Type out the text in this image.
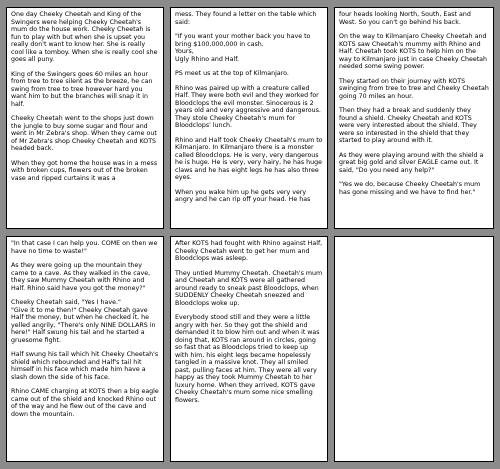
One day Cheeky Cheetah and King of the Swingers were helping Cheeky Cheetah's mum do the house work. Cheeky Cheetah is fun to play with but when she is upset you really don't want to know her. She is really cool like a tomboy. When she is really cool she goes all puny.

King of the Swingers goes 60 miles an hour from tree to tree silent as the breeze, he can swing from tree to tree however hard you want him to but the branches will snap it in half.

Cheeky Cheetah went to the shops just down the jungle to buy some sugar and flour and went in Mr Zebra's shop. When they came out of Mr Zebra's shop Cheeky Cheetah and KOTS headed back.

When they got home the house was in a mess with broken cups, flowers out of the broken vase and ripped curtains it was a

mess. They found a letter on the table which said:

"If you want your mother back you have to bring $100,000,000 in cash.
Yours,
Ugly Rhino and Half.

PS meet us at the top of Kilmanjaro.

Rhino was paired up with a creature called Half. They were both evil and they worked for Bloodclops the evil monster. Sinocerous is 2 years old and very aggressive and dangerous. They stole Cheeky Cheetah's mum for Bloodclops' lunch.

Rhino and Half took Cheeky Cheetah's mum to Kilmanjaro. In Kilmanjaro there is a monster called Bloodclops. He is very, very dangerous he is huge. He is very, very hairy, he has huge claws and he has eight legs he has also three eyes.

When you wake him up he gets very very angry and he can rip off your head. He has

four heads looking North, South, East and West. So you can't go behind his back.

On the way to Kilmanjaro Cheeky Cheetah and KOTS saw Cheetah's mummy with Rhino and Half. Cheetah took KOTS to help him on the way to Kilmanjaro just in case Cheeky Cheetah needed some swing power.

They started on their journey with KOTS swinging from tree to tree and Cheeky Cheetah going 70 miles an hour.

Then they had a break and suddenly they found a shield. Cheeky Cheetah and KOTS were very interested about the shield. They were so interested in the shield that they started to play around with it.

As they were playing around with the shield a great big gold and silver EAGLE came out. It said, "Do you need any help?"

"Yes we do, because Cheeky Cheetah's mum has gone missing and we have to find her."

"In that case I can help you. COME on then we have no time to waste!"

As they were going up the mountain they came to a cave. As they walked in the cave, they saw Mummy Cheetah with Rhino and Half. Rhino said have you got the money?"

Cheeky Cheetah said, "Yes I have."
"Give it to me then!" Cheeky Cheetah gave Half the money, but when he checked it, he yelled angrily, "There's only NINE DOLLARS in here!" Half swung his tail and he started a gruesome fight.

Half swung his tail which hit Cheeky Cheetah's shield which rebounded and Half's tail hit himself in his face which made him have a slash down the side of his face.

Rhino CAME charging at KOTS then a big eagle came out of the shield and knocked Rhino out of the way and he flew out of the cave and down the mountain.

After KOTS had fought with Rhino against Half, Cheeky Cheetah went to get her mum and Bloodclops was asleep.

They untied Mummy Cheetah. Cheetah's mum and Cheetah and KOTS were all gathered around ready to sneak past Bloodclops, when SUDDENLY Cheeky Cheetah sneezed and Bloodclops woke up.

Everybody stood still and they were a little angry with her. So they got the shield and demanded it to blow him out and when it was doing that, KOTS ran around in circles, going so fast that as Bloodclops tried to keep up with him, his eight legs became hopelessly tangled in a massive knot. They all smiled past, pulling faces at him. They were all very happy as they took Mummy Cheetah to her luxury home. When they arrived, KOTS gave Cheeky Cheetah's mum some nice smelling flowers.
